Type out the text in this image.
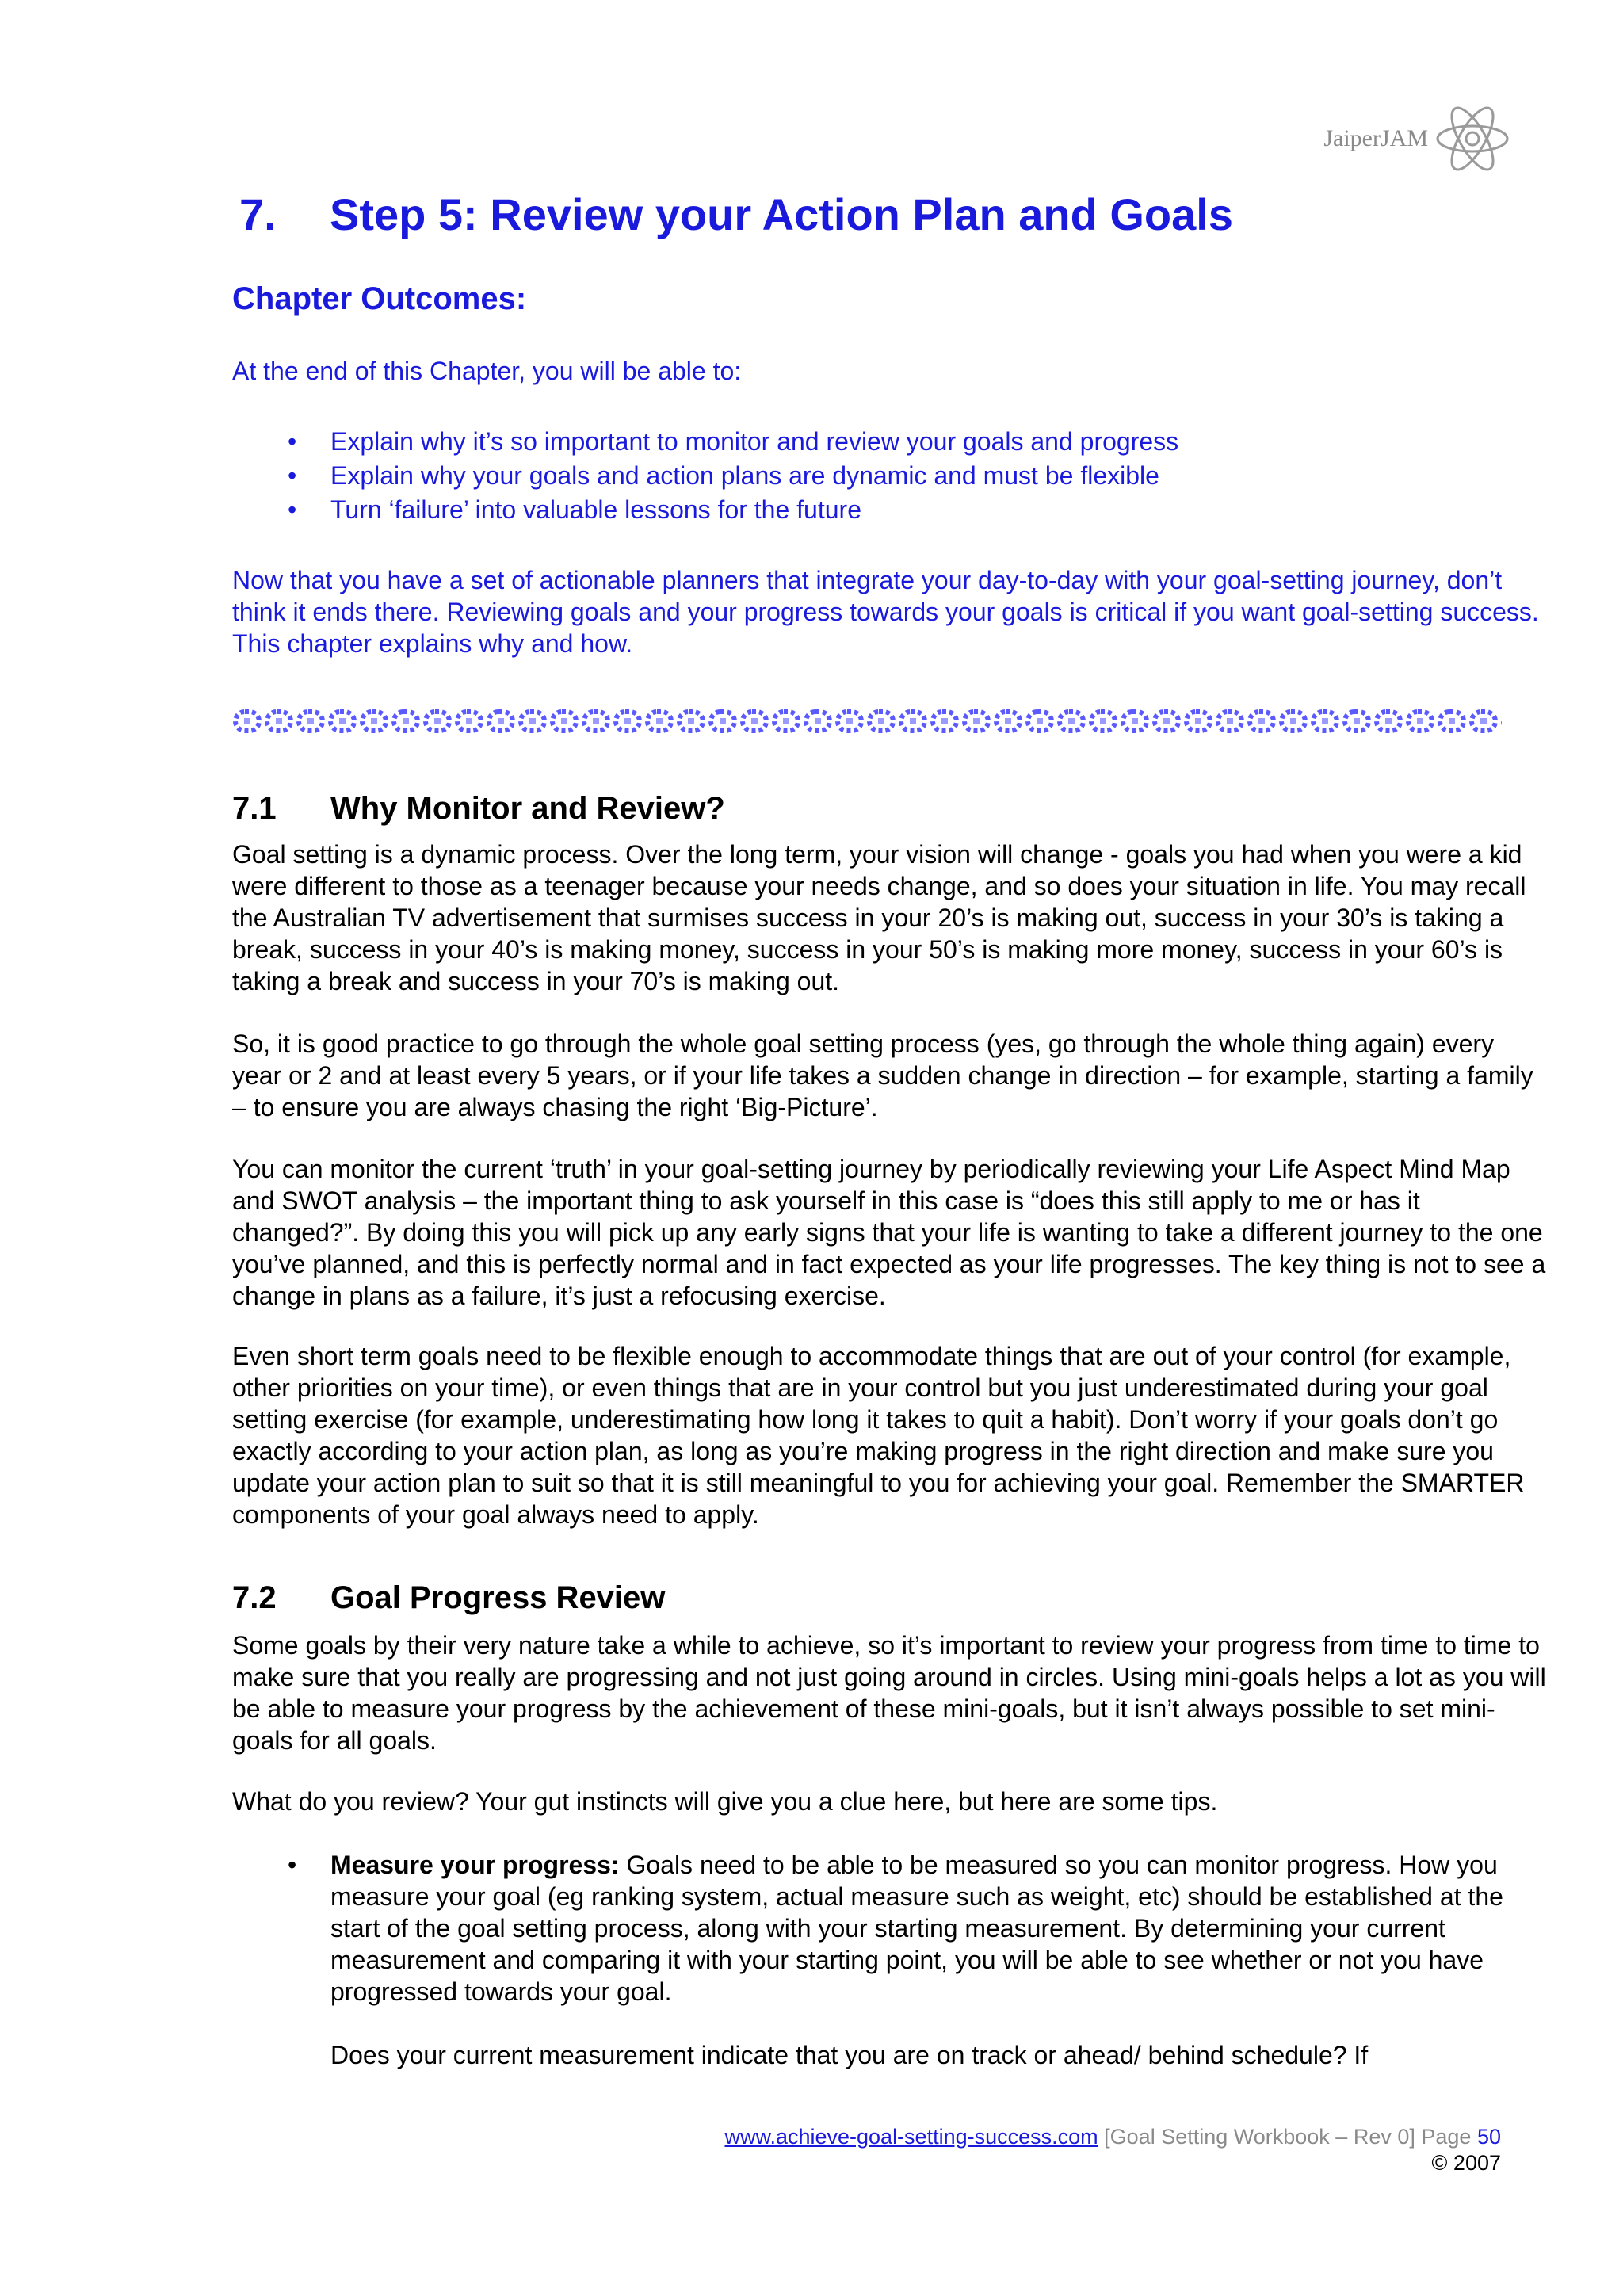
JaiperJAM
7. Step 5: Review your Action Plan and Goals
Chapter Outcomes:
At the end of this Chapter, you will be able to:
• Explain why it’s so important to monitor and review your goals and progress
• Explain why your goals and action plans are dynamic and must be flexible
• Turn ‘failure’ into valuable lessons for the future

Now that you have a set of actionable planners that integrate your day-to-day with your goal-setting journey, don’t think it ends there. Reviewing goals and your progress towards your goals is critical if you want goal-setting success. This chapter explains why and how.

7.1 Why Monitor and Review?

Goal setting is a dynamic process. Over the long term, your vision will change - goals you had when you were a kid were different to those as a teenager because your needs change, and so does your situation in life. You may recall the Australian TV advertisement that surmises success in your 20’s is making out, success in your 30’s is taking a break, success in your 40’s is making money, success in your 50’s is making more money, success in your 60’s is taking a break and success in your 70’s is making out.

So, it is good practice to go through the whole goal setting process (yes, go through the whole thing again) every year or 2 and at least every 5 years, or if your life takes a sudden change in direction – for example, starting a family – to ensure you are always chasing the right ‘Big-Picture’.

You can monitor the current ‘truth’ in your goal-setting journey by periodically reviewing your Life Aspect Mind Map and SWOT analysis – the important thing to ask yourself in this case is “does this still apply to me or has it changed?”. By doing this you will pick up any early signs that your life is wanting to take a different journey to the one you’ve planned, and this is perfectly normal and in fact expected as your life progresses. The key thing is not to see a change in plans as a failure, it’s just a refocusing exercise.

Even short term goals need to be flexible enough to accommodate things that are out of your control (for example, other priorities on your time), or even things that are in your control but you just underestimated during your goal setting exercise (for example, underestimating how long it takes to quit a habit). Don’t worry if your goals don’t go exactly according to your action plan, as long as you’re making progress in the right direction and make sure you update your action plan to suit so that it is still meaningful to you for achieving your goal. Remember the SMARTER components of your goal always need to apply.

7.2 Goal Progress Review

Some goals by their very nature take a while to achieve, so it’s important to review your progress from time to time to make sure that you really are progressing and not just going around in circles. Using mini-goals helps a lot as you will be able to measure your progress by the achievement of these mini-goals, but it isn’t always possible to set mini-goals for all goals.

What do you review? Your gut instincts will give you a clue here, but here are some tips.

• Measure your progress: Goals need to be able to be measured so you can monitor progress. How you measure your goal (eg ranking system, actual measure such as weight, etc) should be established at the start of the goal setting process, along with your starting measurement. By determining your current measurement and comparing it with your starting point, you will be able to see whether or not you have progressed towards your goal.

Does your current measurement indicate that you are on track or ahead/ behind schedule? If

www.achieve-goal-setting-success.com [Goal Setting Workbook – Rev 0] Page 50
© 2007
